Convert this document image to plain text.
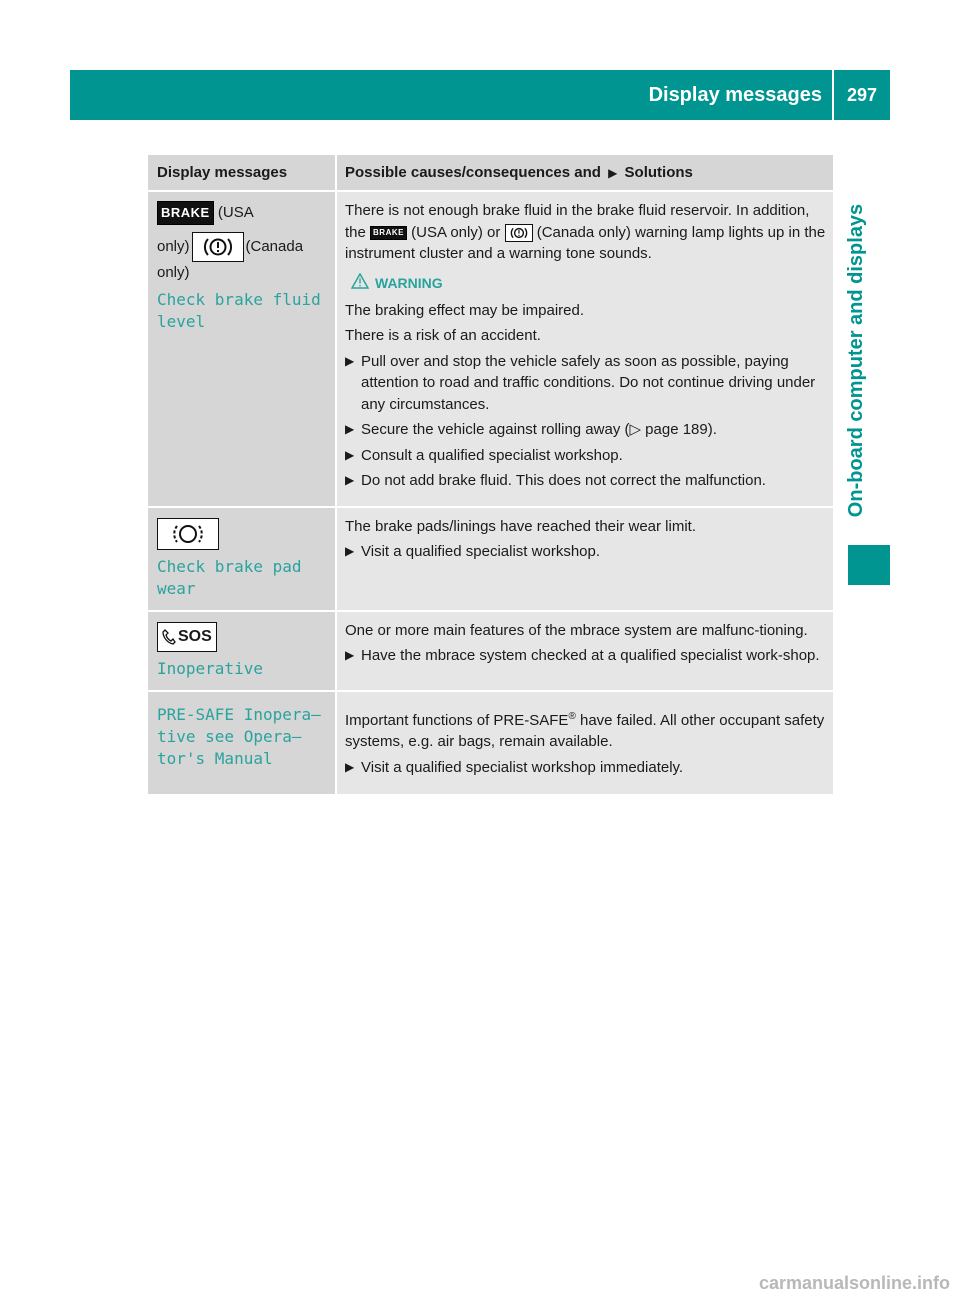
Display messages	297
On-board computer and displays
Display messages	Possible causes/consequences and ▶ Solutions
BRAKE (USA
only)	(Canada
only)
Check brake fluid
level

There is not enough brake fluid in the brake fluid reservoir. In addition, the BRAKE (USA only) or (Canada only) warning lamp lights up in the instrument cluster and a warning tone sounds.

WARNING

The braking effect may be impaired.

There is a risk of an accident.

▶ Pull over and stop the vehicle safely as soon as possible, paying attention to road and traffic conditions. Do not continue driving under any circumstances.
▶ Secure the vehicle against rolling away (▷ page 189).
▶ Consult a qualified specialist workshop.
▶ Do not add brake fluid. This does not correct the malfunction.
Check brake pad
wear

The brake pads/linings have reached their wear limit.

▶ Visit a qualified specialist workshop.
SOS
Inoperative

One or more main features of the mbrace system are malfunc-tioning.

▶ Have the mbrace system checked at a qualified specialist work-shop.
PRE-SAFE Inopera–
tive see Opera–
tor's Manual

Important functions of PRE-SAFE® have failed. All other occupant safety systems, e.g. air bags, remain available.

▶ Visit a qualified specialist workshop immediately.
carmanualsonline.info
